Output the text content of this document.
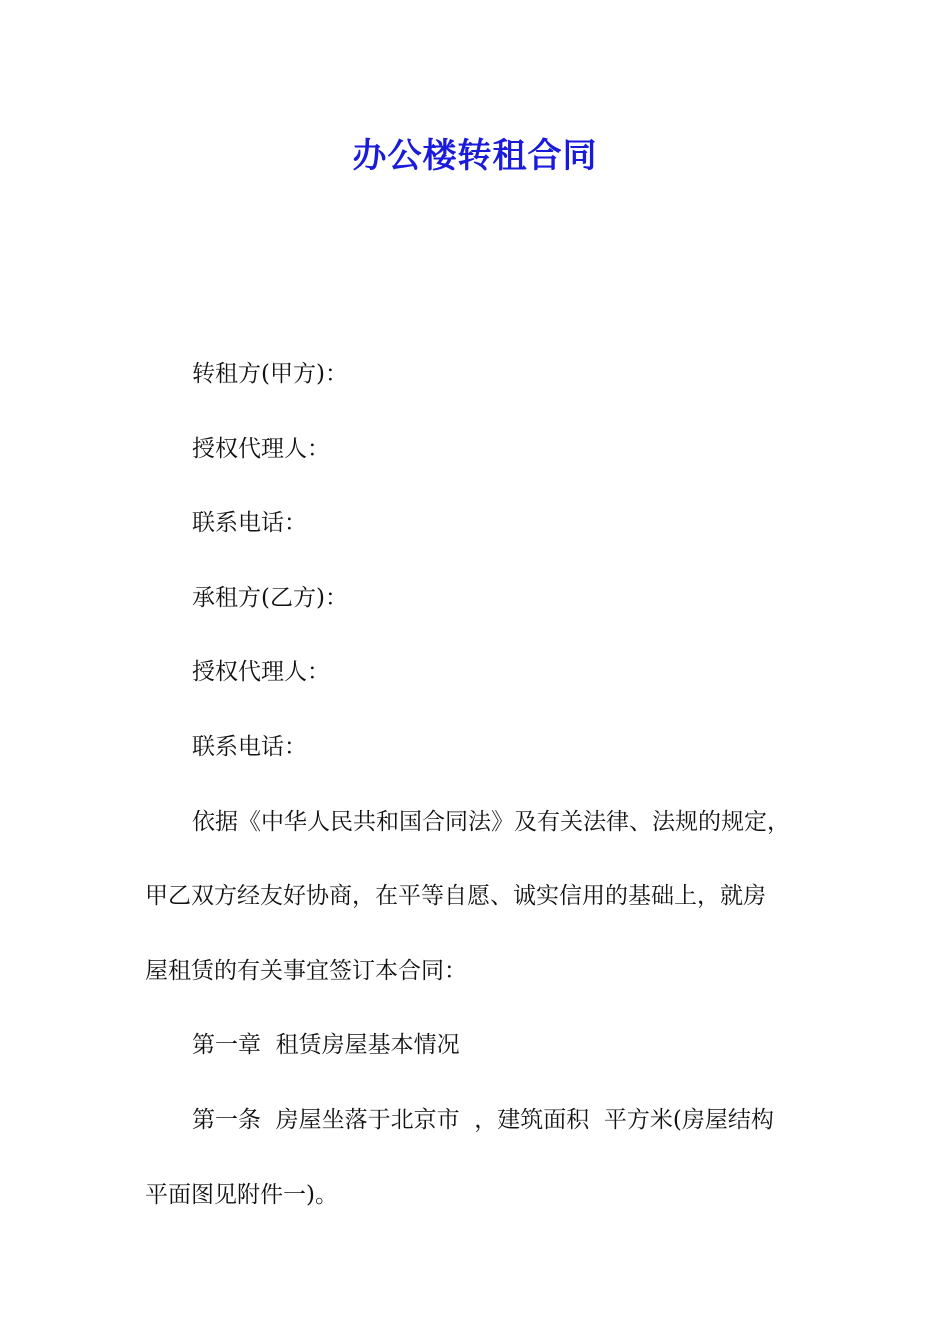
办公楼转租合同

转租方(甲方)：

授权代理人：

联系电话：

承租方(乙方)：

授权代理人：

联系电话：

依据《中华人民共和国合同法》及有关法律、法规的规定，

甲乙双方经友好协商，在平等自愿、诚实信用的基础上，就房

屋租赁的有关事宜签订本合同：

第一章  租赁房屋基本情况

第一条  房屋坐落于北京市  ，建筑面积  平方米(房屋结构

平面图见附件一)。
